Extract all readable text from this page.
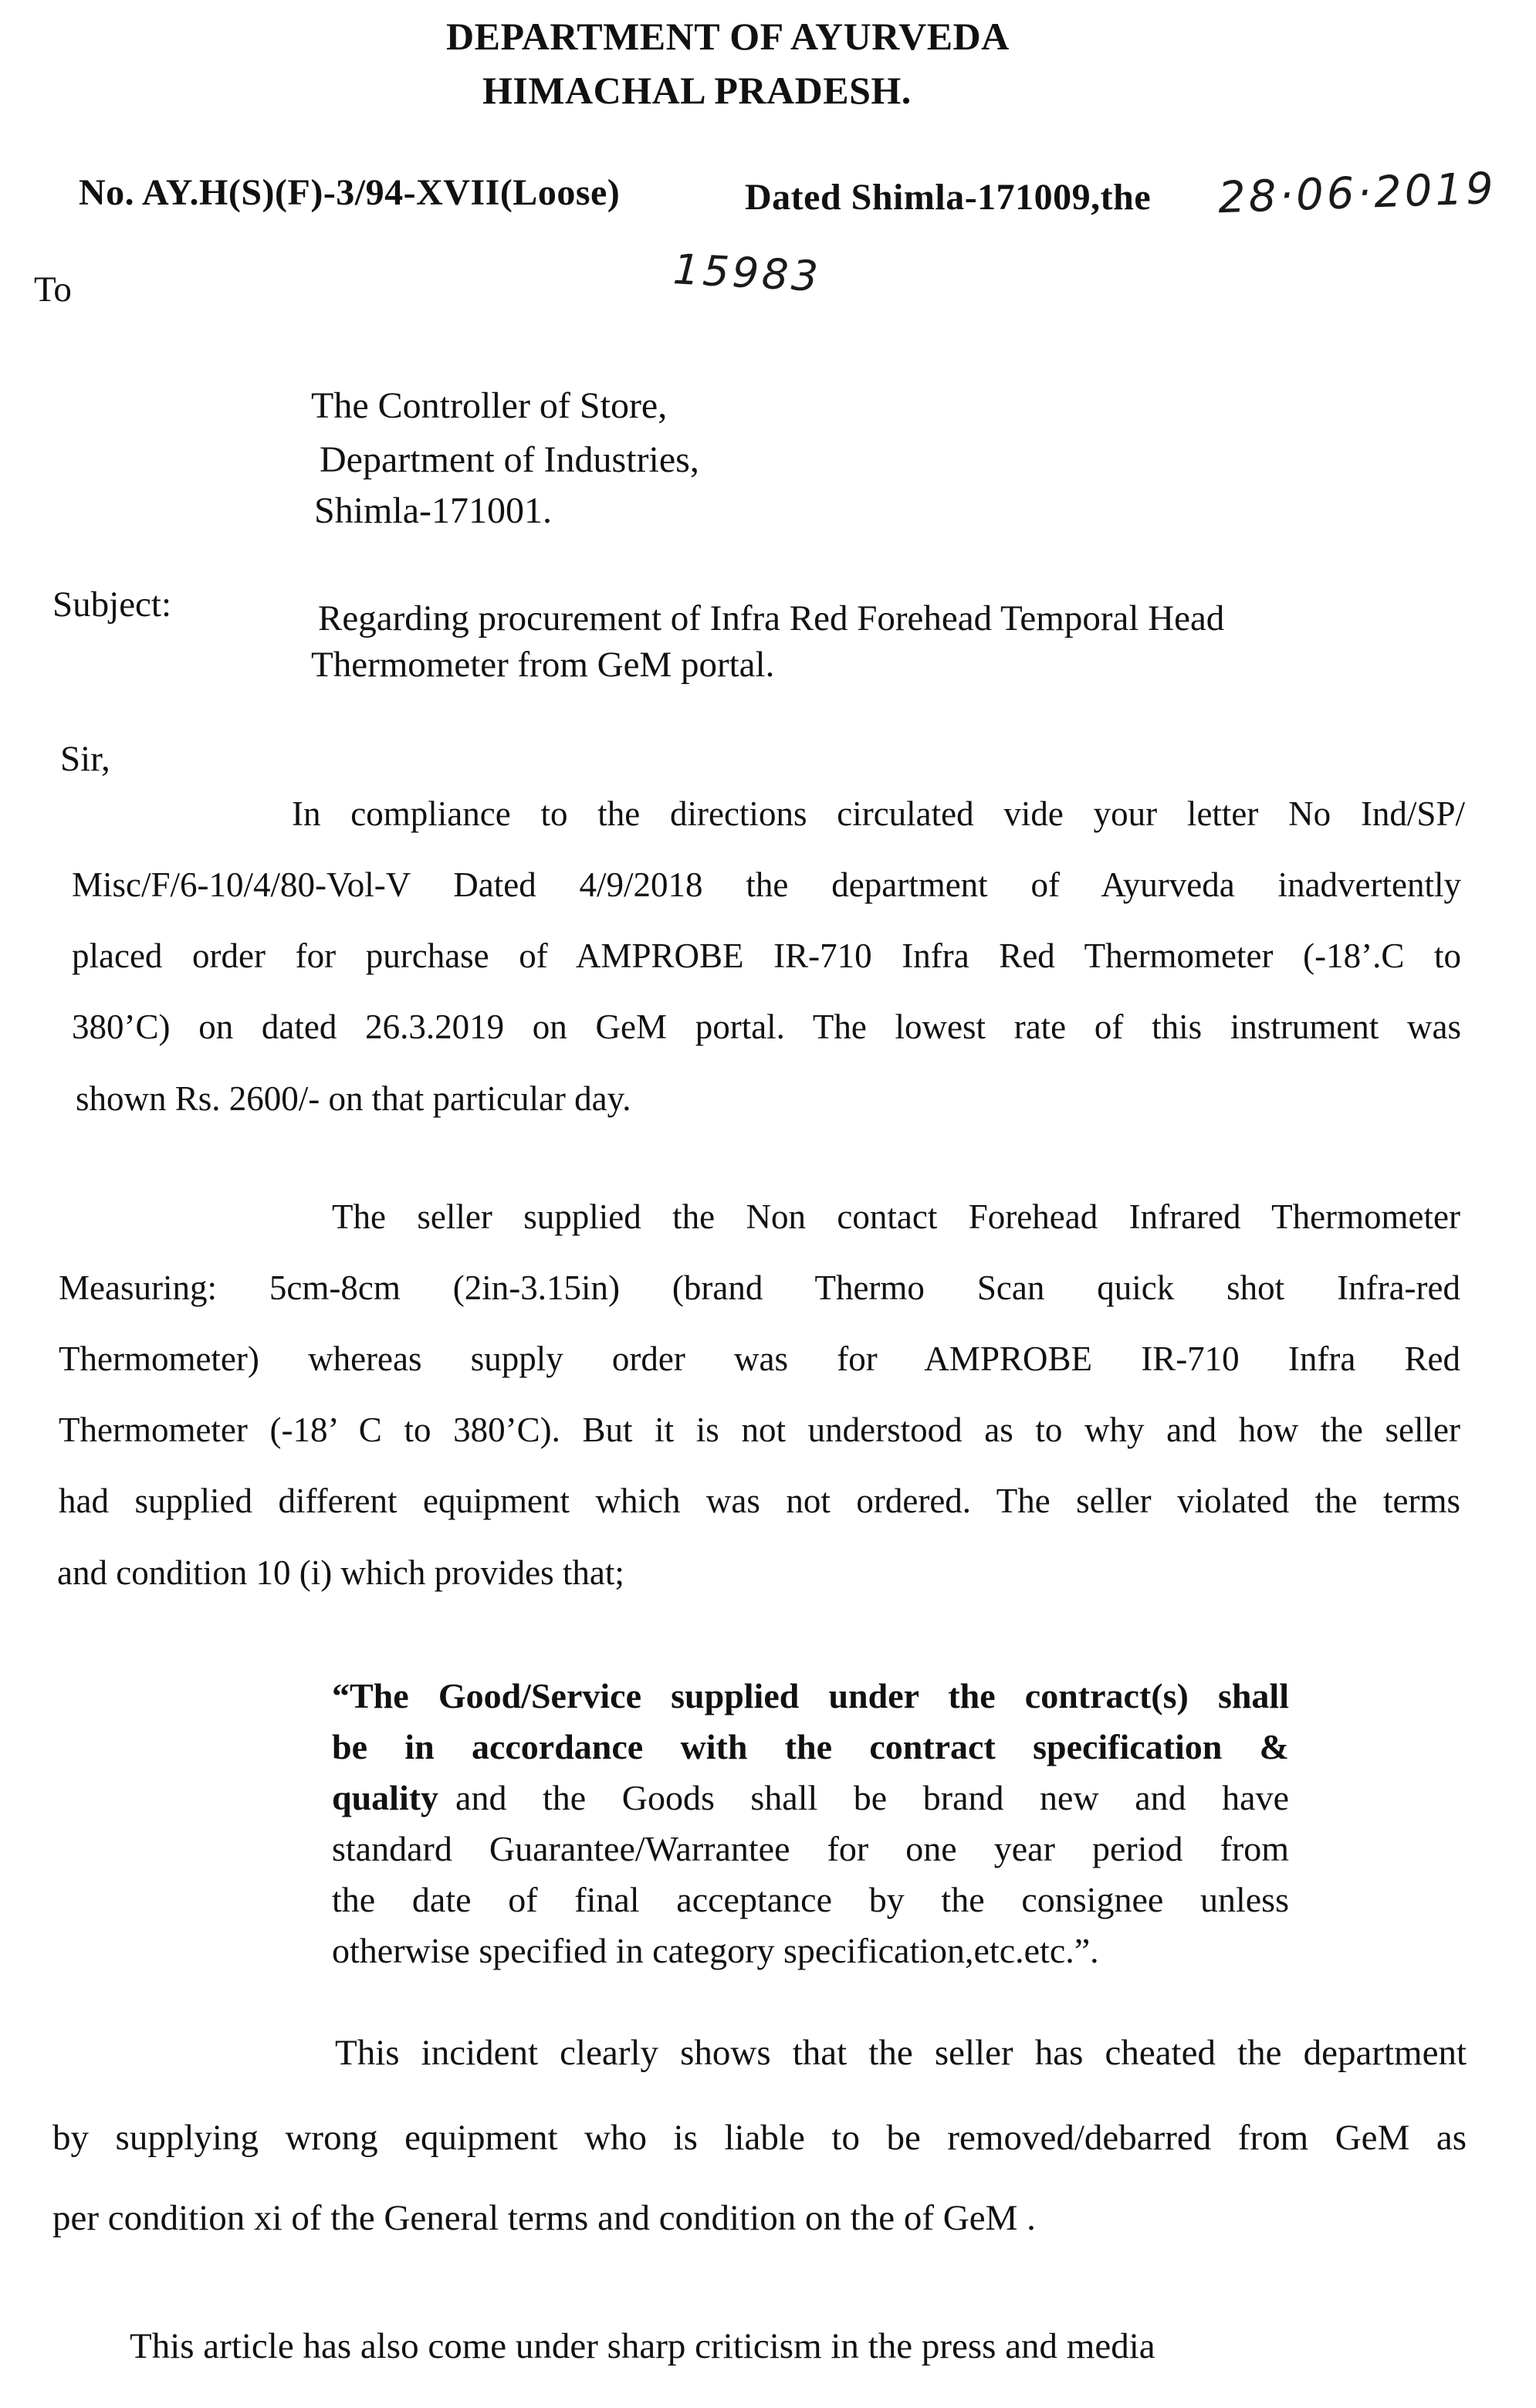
DEPARTMENT OF AYURVEDA
HIMACHAL PRADESH.
No. AY.H(S)(F)-3/94-XVII(Loose)	Dated Shimla-171009,the 28·06·2019
15983
To
The Controller of Store,
Department of Industries,
Shimla-171001.
Subject:	Regarding procurement of Infra Red Forehead Temporal Head
Thermometer from GeM portal.
Sir,
In compliance to the directions circulated vide your letter No Ind/SP/
Misc/F/6-10/4/80-Vol-V Dated 4/9/2018 the department of Ayurveda inadvertently
placed order for purchase of AMPROBE IR-710 Infra Red Thermometer (-18’.C to
380’C) on dated 26.3.2019 on GeM portal. The lowest rate of this instrument was
shown Rs. 2600/- on that particular day.
The seller supplied the Non contact Forehead Infrared Thermometer
Measuring: 5cm-8cm (2in-3.15in) (brand Thermo Scan quick shot Infra-red
Thermometer) whereas supply order was for AMPROBE IR-710 Infra Red
Thermometer (-18’ C to 380’C). But it is not understood as to why and how the seller
had supplied different equipment which was not ordered. The seller violated the terms
and condition 10 (i) which provides that;
“The Good/Service supplied under the contract(s) shall
be in accordance with the contract specification &
quality and the Goods shall be brand new and have
standard Guarantee/Warrantee for one year period from
the date of final acceptance by the consignee unless
otherwise specified in category specification,etc.etc.”.
This incident clearly shows that the seller has cheated the department
by supplying wrong equipment who is liable to be removed/debarred from GeM as
per condition xi of the General terms and condition on the of GeM .
This article has also come under sharp criticism in the press and media
